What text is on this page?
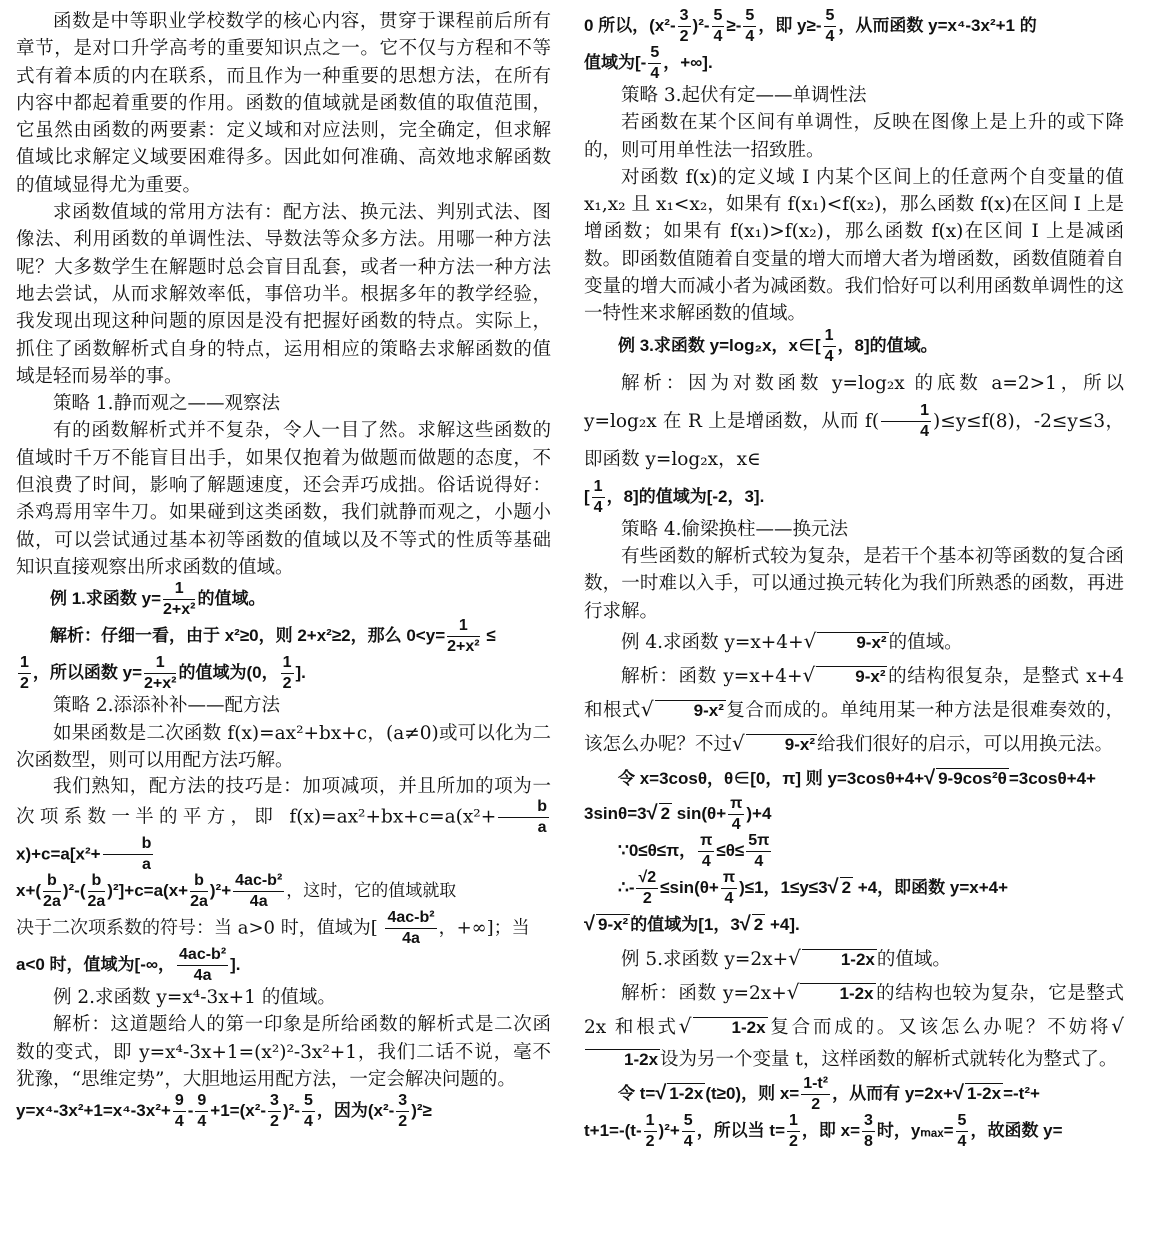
函数是中等职业学校数学的核心内容，贯穿于课程前后所有章节，是对口升学高考的重要知识点之一。它不仅与方程和不等式有着本质的内在联系，而且作为一种重要的思想方法，在所有内容中都起着重要的作用。函数的值域就是函数值的取值范围，它虽然由函数的两要素：定义域和对应法则，完全确定，但求解值域比求解定义域要困难得多。因此如何准确、高效地求解函数的值域显得尤为重要。

求函数值域的常用方法有：配方法、换元法、判别式法、图像法、利用函数的单调性法、导数法等众多方法。用哪一种方法呢？大多数学生在解题时总会盲目乱套，或者一种方法一种方法地去尝试，从而求解效率低，事倍功半。根据多年的教学经验，我发现出现这种问题的原因是没有把握好函数的特点。实际上，抓住了函数解析式自身的特点，运用相应的策略去求解函数的值域是轻而易举的事。

策略 1.静而观之——观察法

有的函数解析式并不复杂，令人一目了然。求解这些函数的值域时千万不能盲目出手，如果仅抱着为做题而做题的态度，不但浪费了时间，影响了解题速度，还会弄巧成拙。俗话说得好：杀鸡焉用宰牛刀。如果碰到这类函数，我们就静而观之，小题小做，可以尝试通过基本初等函数的值域以及不等式的性质等基础知识直接观察出所求函数的值域。

例 1.求函数 $y= \frac{1}{\text{2+x²}}$ 的值域。

解析：仔细一看，由于 x²≥0，则 2+x²≥2，那么 $0<y= \frac{1}{\text{2+x²}}$ ≤

$\frac{1}{2}$ ，所以函数 $y= \frac{1}{\text{2+x²}}$ 的值域为(0， $\frac{1}{2}$ ].

策略 2.添添补补——配方法

如果函数是二次函数 f(x)=ax²+bx+c，(a≠0)或可以化为二次函数型，则可以用配方法巧解。

我们熟知，配方法的技巧是：加项减项，并且所加的项为一次项系数一半的平方，即 $f(x)=ax^2+bx+c=a(x^2+ \frac{b}{a}$
$x)+c=a[x^2+ \frac{b}{a}$

$x+( \frac{b}{2a} )^2-( \frac{b}{2a} )^2]+c=a(x+ \frac{b}{2a} )^2+ \frac{\text{4ac-b²}}{4a}$ ，这时，它的值域就取

决于二次项系数的符号：当 a>0 时，值域为[ $\frac{\text{4ac-b²}}{4a}$ ，+∞]；当

a<0 时，值域为[-∞， $\frac{\text{4ac-b²}}{4a}$ ].

例 2.求函数 y=x⁴-3x+1 的值域。

解析：这道题给人的第一印象是所给函数的解析式是二次函数的变式，即 y=x⁴-3x+1=(x²)²-3x²+1，我们二话不说，毫不犹豫，“思维定势”，大胆地运用配方法，一定会解决问题的。

$y=x^4-3x^2+1=x^4-3x^2+ \frac{9}{4} - \frac{9}{4} +1=(x^2- \frac{3}{2} )^2- \frac{5}{4}$ ，因为$(x^2- \frac{3}{2} )^2\ge$

0 所以，$(x^2- \frac{3}{2} )^2- \frac{5}{4} \ge- \frac{5}{4}$ ，即 $y\ge- \frac{5}{4}$ ，从而函数 y=x⁴-3x²+1 的

值域为[- $\frac{5}{4}$ ，+∞].

策略 3.起伏有定——单调性法

若函数在某个区间有单调性，反映在图像上是上升的或下降的，则可用单性法一招致胜。

对函数 f(x)的定义域 I 内某个区间上的任意两个自变量的值 x₁,x₂ 且 x₁<x₂，如果有 f(x₁)<f(x₂)，那么函数 f(x)在区间 I 上是增函数；如果有 f(x₁)>f(x₂)，那么函数 f(x)在区间 I 上是减函数。即函数值随着自变量的增大而增大者为增函数，函数值随着自变量的增大而减小者为减函数。我们恰好可以利用函数单调性的这一特性来求解函数的值域。

例 3.求函数 y=log₂x，x∈[ $\frac{1}{4}$ ，8]的值域。

解析：因为对数函数 y=log₂x 的底数 a=2>1，所以 y=log₂x 在 R 上是增函数，从而 $f( \frac{1}{4} )\le y\le f(8)$，-2≤y≤3，即函数 y=log₂x，x∈

[ $\frac{1}{4}$ ，8]的值域为[-2，3].

策略 4.偷梁换柱——换元法

有些函数的解析式较为复杂，是若干个基本初等函数的复合函数，一时难以入手，可以通过换元转化为我们所熟悉的函数，再进行求解。

例 4.求函数 y=x+4+√ 9-x² 的值域。

解析：函数 y=x+4+√ 9-x² 的结构很复杂，是整式 x+4 和根式√ 9-x² 复合而成的。单纯用某一种方法是很难奏效的，该怎么办呢？不过√ 9-x² 给我们很好的启示，可以用换元法。

令 x=3cosθ，θ∈[0，π] 则 y=3cosθ+4+√ 9-9cos²θ =3cosθ+4+

3sinθ=3√ 2 $\sin(\theta+ \frac{\pi}{4} )+4$

∵0≤θ≤π， $\frac{\pi}{4} \le\theta\le \frac{5\pi}{4}$

∴- $\frac{√2}{2} \le\sin(\theta+ \frac{\pi}{4} )\le 1$，1≤y≤3√ 2 +4，即函数 y=x+4+

√ 9-x² 的值域为[1，3√ 2 +4].

例 5.求函数 y=2x+√ 1-2x 的值域。

解析：函数 y=2x+√ 1-2x 的结构也较为复杂，它是整式 2x 和根式√ 1-2x 复合而成的。又该怎么办呢？不妨将√1-2x 设为另一个变量 t，这样函数的解析式就转化为整式了。

令 t=√ 1-2x (t≥0)，则 $x= \frac{\text{1-t²}}{2}$ ，从而有 y=2x+√ 1-2x =-t²+

$t+1=-(t- \frac{1}{2} )^2+ \frac{5}{4}$ ，所以当 $t= \frac{1}{2}$ ，即 $x= \frac{3}{8}$ 时，$y_{max}= \frac{5}{4}$ ，故函数 y=
